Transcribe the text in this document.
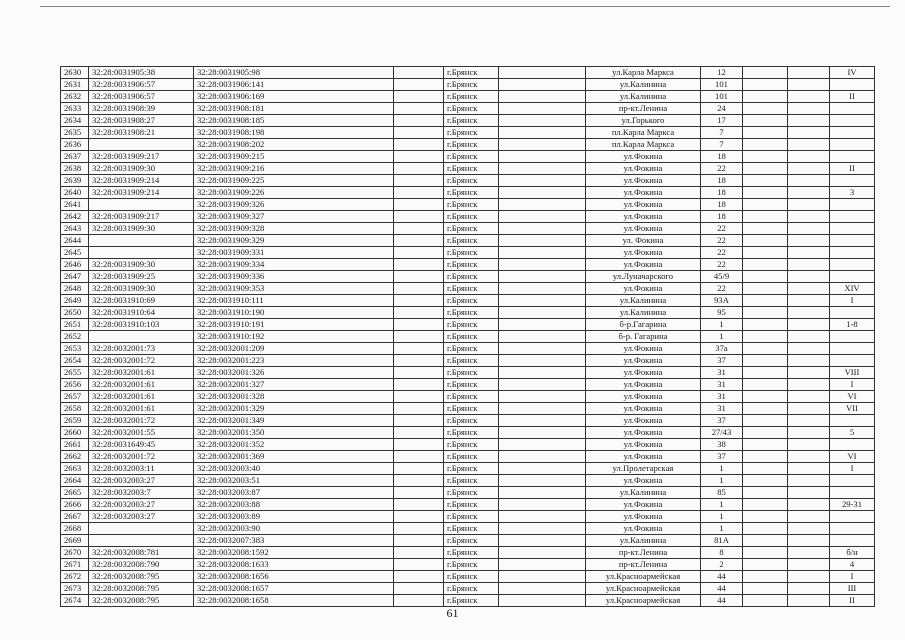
2630	32:28:0031905:38	32:28:0031905:98		г.Брянск		ул.Карла Маркса	12			IV
2631	32:28:0031906:57	32:28:0031906:141		г.Брянск		ул.Калинина	101			
2632	32:28:0031906:57	32:28:0031906:169		г.Брянск		ул.Калинина	101			II
2633	32:28:0031908:39	32:28:0031908:181		г.Брянск		пр-кт.Ленина	24			
2634	32:28:0031908:27	32:28:0031908:185		г.Брянск		ул.Горького	17			
2635	32:28:0031908:21	32:28:0031908:198		г.Брянск		пл.Карла Маркса	7			
2636		32:28:0031908:202		г.Брянск		пл.Карла Маркса	7			
2637	32:28:0031909:217	32:28:0031909:215		г.Брянск		ул.Фокина	18			
2638	32:28:0031909:30	32:28:0031909:216		г.Брянск		ул.Фокина	22			II
2639	32:28:0031909:214	32:28:0031909:225		г.Брянск		ул.Фокина	18			
2640	32:28:0031909:214	32:28:0031909:226		г.Брянск		ул.Фокина	18			3
2641		32:28:0031909:326		г.Брянск		ул.Фокина	18			
2642	32:28:0031909:217	32:28:0031909:327		г.Брянск		ул.Фокина	18			
2643	32:28:0031909:30	32:28:0031909:328		г.Брянск		ул.Фокина	22			
2644		32:28:0031909:329		г.Брянск		ул. Фокина	22			
2645		32:28:0031909:331		г.Брянск		ул.Фокина	22			
2646	32:28:0031909:30	32:28:0031909:334		г.Брянск		ул.Фокина	22			
2647	32:28:0031909:25	32:28:0031909:336		г.Брянск		ул.Луначарского	45/9			
2648	32:28:0031909:30	32:28:0031909:353		г.Брянск		ул.Фокина	22			XIV
2649	32:28:0031910:69	32:28:0031910:111		г.Брянск		ул.Калинина	93А			I
2650	32:28:0031910:64	32:28:0031910:190		г.Брянск		ул.Калинина	95			
2651	32:28:0031910:103	32:28:0031910:191		г.Брянск		б-р.Гагарина	1			1-8
2652		32:28:0031910:192		г.Брянск		б-р. Гагарина	1			
2653	32:28:0032001:73	32:28:0032001:209		г.Брянск		ул.Фокина	37а			
2654	32:28:0032001:72	32:28:0032001:223		г.Брянск		ул.Фокина	37			
2655	32:28:0032001:61	32:28:0032001:326		г.Брянск		ул.Фокина	31			VIII
2656	32:28:0032001:61	32:28:0032001:327		г.Брянск		ул.Фокина	31			I
2657	32:28:0032001:61	32:28:0032001:328		г.Брянск		ул.Фокина	31			VI
2658	32:28:0032001:61	32:28:0032001:329		г.Брянск		ул.Фокина	31			VII
2659	32:28:0032001:72	32:28:0032001:349		г.Брянск		ул.Фокина	37			
2660	32:28:0032001:55	32:28:0032001:350		г.Брянск		ул.Фокина	27/43			5
2661	32:28:0031649:45	32:28:0032001:352		г.Брянск		ул.Фокина	38			
2662	32:28:0032001:72	32:28:0032001:369		г.Брянск		ул.Фокина	37			VI
2663	32:28:0032003:11	32:28:0032003:40		г.Брянск		ул.Пролетарская	1			I
2664	32:28:0032003:27	32:28:0032003:51		г.Брянск		ул.Фокина	1			
2665	32:28:0032003:7	32:28:0032003:87		г.Брянск		ул.Калинина	85			
2666	32:28:0032003:27	32:28:0032003:88		г.Брянск		ул.Фокина	1			29-31
2667	32:28:0032003:27	32:28:0032003:89		г.Брянск		ул.Фокина	1			
2668		32:28:0032003:90		г.Брянск		ул.Фокина	1			
2669		32:28:0032007:383		г.Брянск		ул.Калинина	81А			
2670	32:28:0032008:781	32:28:0032008:1592		г.Брянск		пр-кт.Ленина	8			б/н
2671	32:28:0032008:790	32:28:0032008:1633		г.Брянск		пр-кт.Ленина	2			4
2672	32:28:0032008:795	32:28:0032008:1656		г.Брянск		ул.Красноармейская	44			I
2673	32:28:0032008:795	32:28:0032008:1657		г.Брянск		ул.Красноармейская	44			III
2674	32:28:0032008:795	32:28:0032008:1658		г.Брянск		ул.Красноармейская	44			II
61
